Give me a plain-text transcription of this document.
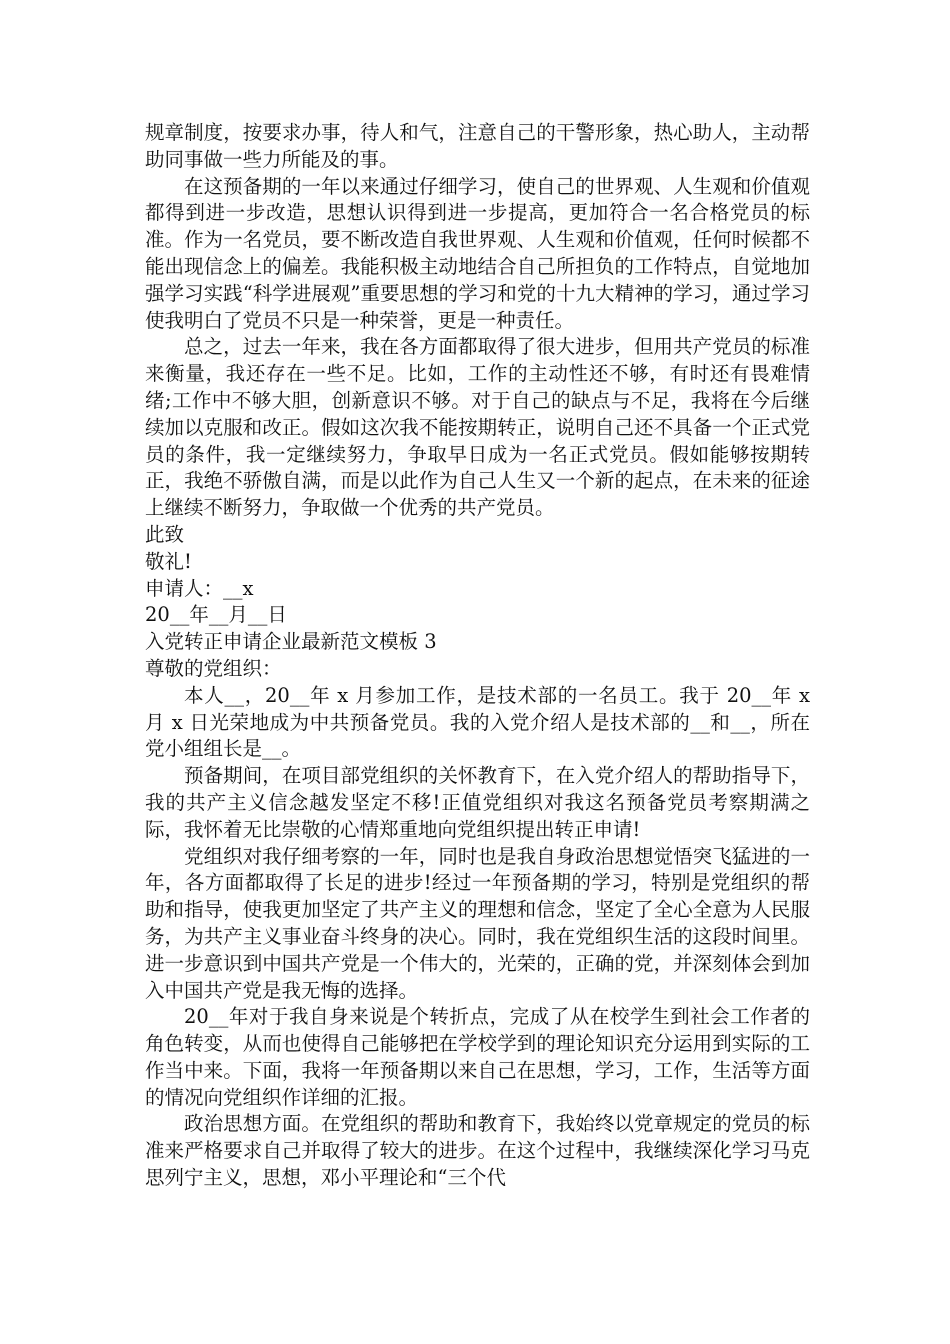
规章制度，按要求办事，待人和气，注意自己的干警形象，热心助人，主动帮助同事做一些力所能及的事。

在这预备期的一年以来通过仔细学习，使自己的世界观、人生观和价值观都得到进一步改造，思想认识得到进一步提高，更加符合一名合格党员的标准。作为一名党员，要不断改造自我世界观、人生观和价值观，任何时候都不能出现信念上的偏差。我能积极主动地结合自己所担负的工作特点，自觉地加强学习实践“科学进展观”重要思想的学习和党的十九大精神的学习，通过学习使我明白了党员不只是一种荣誉，更是一种责任。

总之，过去一年来，我在各方面都取得了很大进步，但用共产党员的标准来衡量，我还存在一些不足。比如，工作的主动性还不够，有时还有畏难情绪;工作中不够大胆，创新意识不够。对于自己的缺点与不足，我将在今后继续加以克服和改正。假如这次我不能按期转正，说明自己还不具备一个正式党员的条件，我一定继续努力，争取早日成为一名正式党员。假如能够按期转正，我绝不骄傲自满，而是以此作为自己人生又一个新的起点，在未来的征途上继续不断努力，争取做一个优秀的共产党员。

此致

敬礼!

申请人：__x

20__年__月__日

入党转正申请企业最新范文模板 3

尊敬的党组织：

本人__，20__年 x 月参加工作，是技术部的一名员工。我于 20__年 x 月 x 日光荣地成为中共预备党员。我的入党介绍人是技术部的__和__，所在党小组组长是__。

预备期间，在项目部党组织的关怀教育下，在入党介绍人的帮助指导下，我的共产主义信念越发坚定不移!正值党组织对我这名预备党员考察期满之际，我怀着无比崇敬的心情郑重地向党组织提出转正申请!

党组织对我仔细考察的一年，同时也是我自身政治思想觉悟突飞猛进的一年，各方面都取得了长足的进步!经过一年预备期的学习，特别是党组织的帮助和指导，使我更加坚定了共产主义的理想和信念，坚定了全心全意为人民服务，为共产主义事业奋斗终身的决心。同时，我在党组织生活的这段时间里。进一步意识到中国共产党是一个伟大的，光荣的，正确的党，并深刻体会到加入中国共产党是我无悔的选择。

20__年对于我自身来说是个转折点，完成了从在校学生到社会工作者的角色转变，从而也使得自己能够把在学校学到的理论知识充分运用到实际的工作当中来。下面，我将一年预备期以来自己在思想，学习，工作，生活等方面的情况向党组织作详细的汇报。

政治思想方面。在党组织的帮助和教育下，我始终以党章规定的党员的标准来严格要求自己并取得了较大的进步。在这个过程中，我继续深化学习马克思列宁主义，思想，邓小平理论和“三个代
